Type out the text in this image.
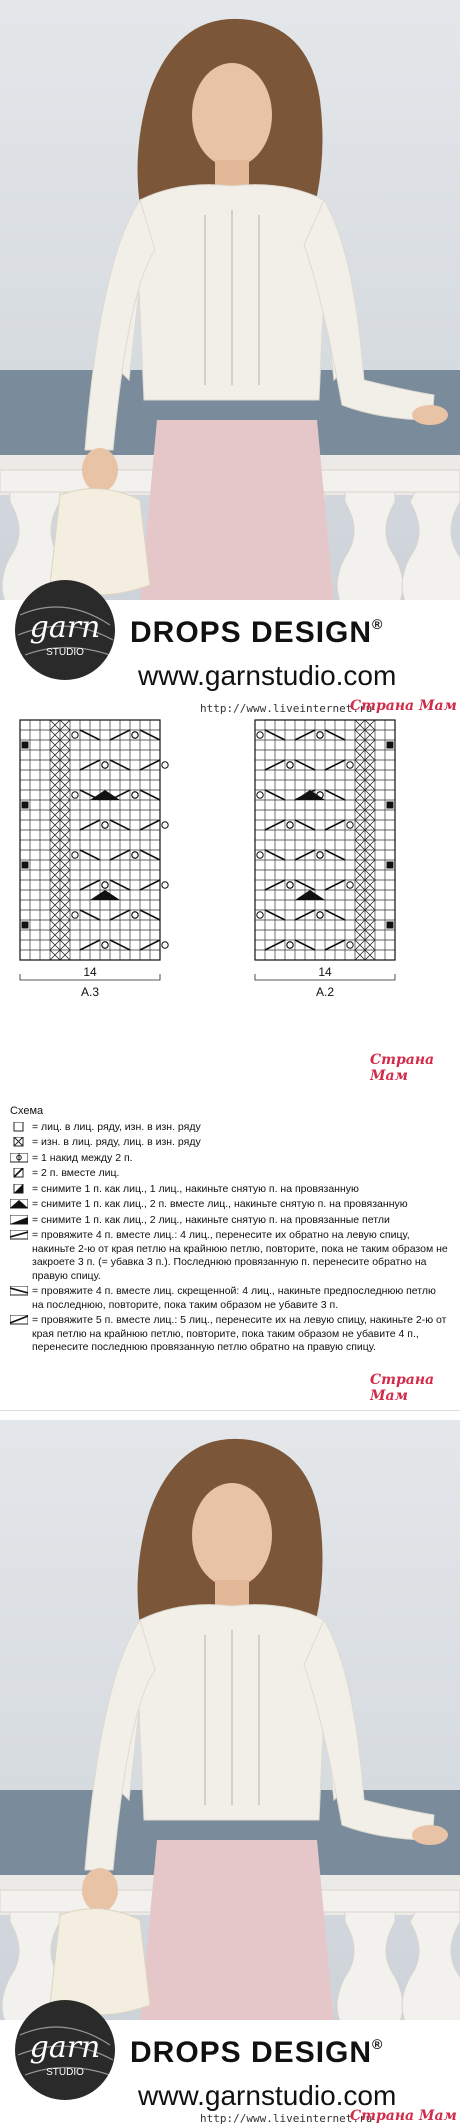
garn
STUDIO
DROPS DESIGN®
www.garnstudio.com
http://www.liveinternet.ru
Страна Мам
14
A.3
14
A.2
Страна Мам
Схема
= лиц. в лиц. ряду, изн. в изн. ряду
= изн. в лиц. ряду, лиц. в изн. ряду
= 1 накид между 2 п.
= 2 п. вместе лиц.
= снимите 1 п. как лиц., 1 лиц., накиньте снятую п. на провязанную
= снимите 1 п. как лиц., 2 п. вместе лиц., накиньте снятую п. на провязанную
= снимите 1 п. как лиц., 2 лиц., накиньте снятую п. на провязанные петли
= провяжите 4 п. вместе лиц.: 4 лиц., перенесите их обратно на левую спицу, накиньте 2-ю от края петлю на крайнюю петлю, повторите, пока не таким образом не закроете 3 п. (= убавка 3 п.). Последнюю провязанную п. перенесите обратно на правую спицу.
= провяжите 4 п. вместе лиц. скрещенной: 4 лиц., накиньте предпоследнюю петлю на последнюю, повторите, пока таким образом не убавите 3 п.
= провяжите 5 п. вместе лиц.: 5 лиц., перенесите их на левую спицу, накиньте 2-ю от края петлю на крайнюю петлю, повторите, пока таким образом не убавите 4 п., перенесите последнюю провязанную петлю обратно на правую спицу.
Страна Мам
garn
STUDIO
DROPS DESIGN®
www.garnstudio.com
http://www.liveinternet.ru
Страна Мам
